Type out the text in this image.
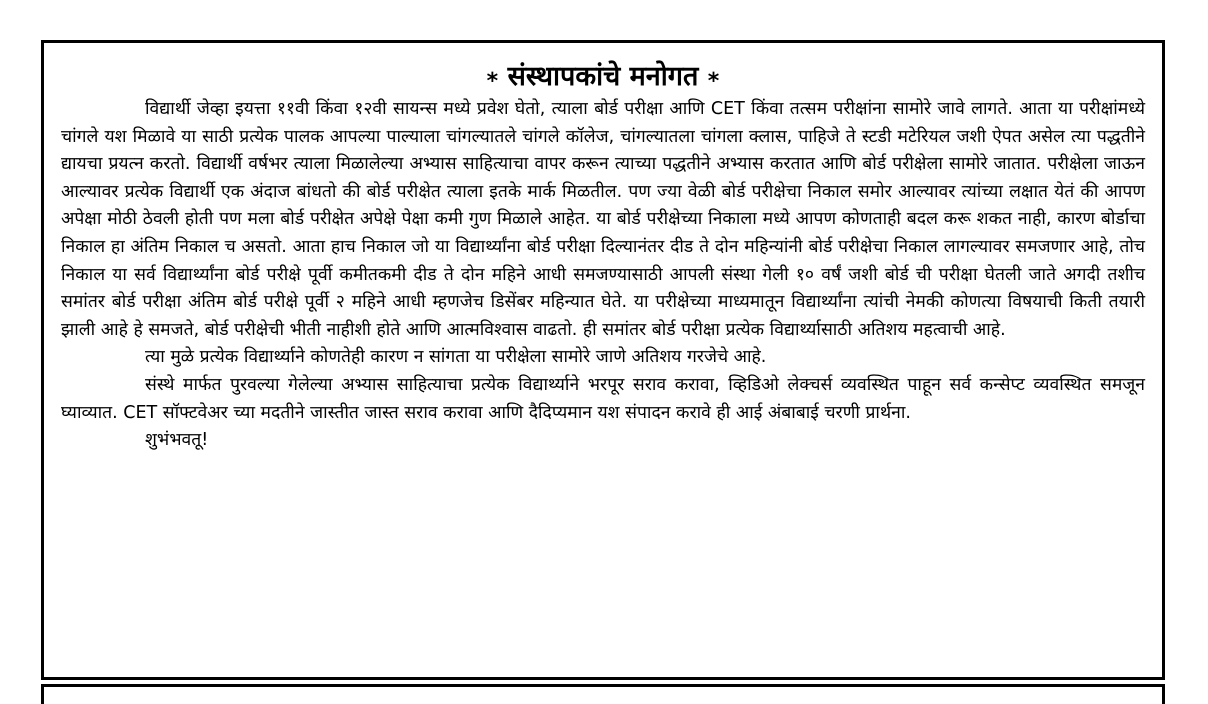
⁎ संस्थापकांचे मनोगत ⁎

विद्यार्थी जेव्हा इयत्ता ११वी किंवा १२वी सायन्स मध्ये प्रवेश घेतो, त्याला बोर्ड परीक्षा आणि CET किंवा तत्सम परीक्षांना सामोरे जावे लागते. आता या परीक्षांमध्ये चांगले यश मिळावे या साठी प्रत्येक पालक आपल्या पाल्याला चांगल्यातले चांगले कॉलेज, चांगल्यातला चांगला क्लास, पाहिजे ते स्टडी मटेरियल जशी ऐपत असेल त्या पद्धतीने द्यायचा प्रयत्न करतो. विद्यार्थी वर्षभर त्याला मिळालेल्या अभ्यास साहित्याचा वापर करून त्याच्या पद्धतीने अभ्यास करतात आणि बोर्ड परीक्षेला सामोरे जातात. परीक्षेला जाऊन आल्यावर प्रत्येक विद्यार्थी एक अंदाज बांधतो की बोर्ड परीक्षेत त्याला इतके मार्क मिळतील. पण ज्या वेळी बोर्ड परीक्षेचा निकाल समोर आल्यावर त्यांच्या लक्षात येतं की आपण अपेक्षा मोठी ठेवली होती पण मला बोर्ड परीक्षेत अपेक्षे पेक्षा कमी गुण मिळाले आहेत. या बोर्ड परीक्षेच्या निकाला मध्ये आपण कोणताही बदल करू शकत नाही, कारण बोर्डाचा निकाल हा अंतिम निकाल च असतो. आता हाच निकाल जो या विद्यार्थ्यांना बोर्ड परीक्षा दिल्यानंतर दीड ते दोन महिन्यांनी बोर्ड परीक्षेचा निकाल लागल्यावर समजणार आहे, तोच निकाल या सर्व विद्यार्थ्यांना बोर्ड परीक्षे पूर्वी कमीतकमी दीड ते दोन महिने आधी समजण्यासाठी आपली संस्था गेली १० वर्षं जशी बोर्ड ची परीक्षा घेतली जाते अगदी तशीच समांतर बोर्ड परीक्षा अंतिम बोर्ड परीक्षे पूर्वी २ महिने आधी म्हणजेच डिसेंबर महिन्यात घेते. या परीक्षेच्या माध्यमातून विद्यार्थ्यांना त्यांची नेमकी कोणत्या विषयाची किती तयारी झाली आहे हे समजते, बोर्ड परीक्षेची भीती नाहीशी होते आणि आत्मविश्वास वाढतो. ही समांतर बोर्ड परीक्षा प्रत्येक विद्यार्थ्यासाठी अतिशय महत्वाची आहे.

त्या मुळे प्रत्येक विद्यार्थ्याने कोणतेही कारण न सांगता या परीक्षेला सामोरे जाणे अतिशय गरजेचे आहे.

संस्थे मार्फत पुरवल्या गेलेल्या अभ्यास साहित्याचा प्रत्येक विद्यार्थ्याने भरपूर सराव करावा, व्हिडिओ लेक्चर्स व्यवस्थित पाहून सर्व कन्सेप्ट व्यवस्थित समजून घ्याव्यात. CET सॉफ्टवेअर च्या मदतीने जास्तीत जास्त सराव करावा आणि दैदिप्यमान यश संपादन करावे ही आई अंबाबाई चरणी प्रार्थना.

शुभंभवतू!
